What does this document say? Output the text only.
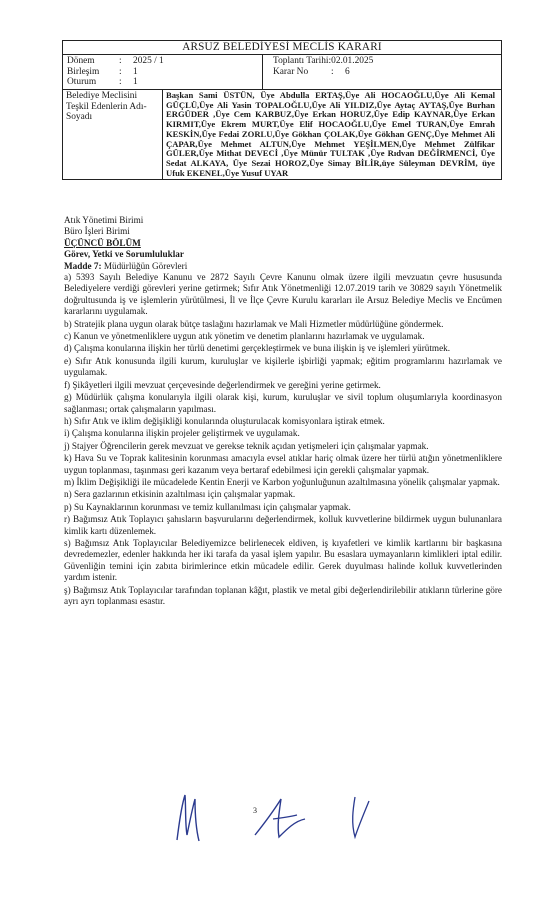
ARSUZ BELEDİYESİ MECLİS KARARI
Dönem	:	2025 / 1
Birleşim	:	1
Oturum	:	1
Toplantı Tarihi: 02.01.2025
Karar No	:	6
Belediye Meclisini Teşkil Edenlerin Adı-Soyadı
Başkan Sami ÜSTÜN, Üye Abdulla ERTAŞ,Üye Ali HOCAOĞLU,Üye Ali Kemal GÜÇLÜ,Üye Ali Yasin TOPALOĞLU,Üye Ali YILDIZ,Üye Aytaç AYTAŞ,Üye Burhan ERGÜDER ,Üye Cem KARBUZ,Üye Erkan HORUZ,Üye Edip KAYNAR,Üye Erkan KIRMIT,Üye Ekrem MURT,Üye Elif HOCAOĞLU,Üye Emel TURAN,Üye Emrah KESKİN,Üye Fedai ZORLU,Üye Gökhan ÇOLAK,Üye Gökhan GENÇ,Üye Mehmet Ali ÇAPAR,Üye Mehmet ALTUN,Üye Mehmet YEŞİLMEN,Üye Mehmet Zülfikar GÜLER,Üye Mithat DEVECİ ,Üye Münür TULTAK ,Üye Rıdvan DEĞİRMENCİ, Üye Sedat ALKAYA, Üye Sezai HOROZ,Üye Simay BİLİR,üye Süleyman DEVRİM, üye Ufuk EKENEL,Üye Yusuf UYAR

Atık Yönetimi Birimi

Büro İşleri Birimi

ÜÇÜNCÜ BÖLÜM

Görev, Yetki ve Sorumluluklar

Madde 7: Müdürlüğün Görevleri

a) 5393 Sayılı Belediye Kanunu ve 2872 Sayılı Çevre Kanunu olmak üzere ilgili mevzuatın çevre hususunda Belediyelere verdiği görevleri yerine getirmek; Sıfır Atık Yönetmenliği 12.07.2019 tarih ve 30829 sayılı Yönetmelik doğrultusunda iş ve işlemlerin yürütülmesi, İl ve İlçe Çevre Kurulu kararları ile Arsuz Belediye Meclis ve Encümen kararlarını uygulamak.

b) Stratejik plana uygun olarak bütçe taslağını hazırlamak ve Mali Hizmetler müdürlüğüne göndermek.

c) Kanun ve yönetmenliklere uygun atık yönetim ve denetim planlarını hazırlamak ve uygulamak.

d) Çalışma konularına ilişkin her türlü denetimi gerçekleştirmek ve buna ilişkin iş ve işlemleri yürütmek.

e) Sıfır Atık konusunda ilgili kurum, kuruluşlar ve kişilerle işbirliği yapmak; eğitim programlarını hazırlamak ve uygulamak.

f) Şikâyetleri ilgili mevzuat çerçevesinde değerlendirmek ve gereğini yerine getirmek.

g) Müdürlük çalışma konularıyla ilgili olarak kişi, kurum, kuruluşlar ve sivil toplum oluşumlarıyla koordinasyon sağlanması; ortak çalışmaların yapılması.

h) Sıfır Atık ve iklim değişikliği konularında oluşturulacak komisyonlara iştirak etmek.

i) Çalışma konularına ilişkin projeler geliştirmek ve uygulamak.

j) Stajyer Öğrencilerin gerek mevzuat ve gerekse teknik açıdan yetişmeleri için çalışmalar yapmak.

k) Hava Su ve Toprak kalitesinin korunması amacıyla evsel atıklar hariç olmak üzere her türlü atığın yönetmenliklere uygun toplanması, taşınması geri kazanım veya bertaraf edebilmesi için gerekli çalışmalar yapmak.

m) İklim Değişikliği ile mücadelede Kentin Enerji ve Karbon yoğunluğunun azaltılmasına yönelik çalışmalar yapmak.

n) Sera gazlarının etkisinin azaltılması için çalışmalar yapmak.

p) Su Kaynaklarının korunması ve temiz kullanılması için çalışmalar yapmak.

r) Bağımsız Atık Toplayıcı şahısların başvurularını değerlendirmek, kolluk kuvvetlerine bildirmek uygun bulunanlara kimlik kartı düzenlemek.

s) Bağımsız Atık Toplayıcılar Belediyemizce belirlenecek eldiven, iş kıyafetleri ve kimlik kartlarını bir başkasına devredemezler, edenler hakkında her iki tarafa da yasal işlem yapılır. Bu esaslara uymayanların kimlikleri iptal edilir. Güvenliğin temini için zabıta birimlerince etkin mücadele edilir. Gerek duyulması halinde kolluk kuvvetlerinden yardım istenir.

ş) Bağımsız Atık Toplayıcılar tarafından toplanan kâğıt, plastik ve metal gibi değerlendirilebilir atıkların türlerine göre ayrı ayrı toplanması esastır.

3
